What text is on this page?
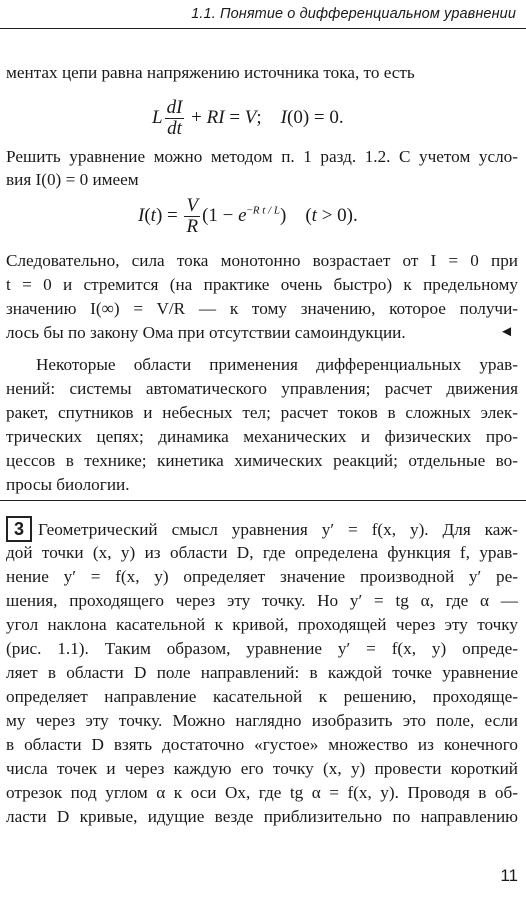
1.1. Понятие о дифференциальном уравнении
ментах цепи равна напряжению источника тока, то есть
L $\frac{dI}{dt}$ + RI = V;    I(0) = 0.
Решить уравнение можно методом п. 1 разд. 1.2. С учетом усло-
вия I(0) = 0 имеем
$I(t) = \frac{V}{R} (1 - e^{-R t / L})$    (t > 0).
Следовательно, сила тока монотонно возрастает от I = 0 при
t = 0 и стремится (на практике очень быстро) к предельному
значению I(∞) = V/R — к тому значению, которое получи-
лось бы по закону Ома при отсутствии самоиндукции.	◄
Некоторые области применения дифференциальных урав-
нений: системы автоматического управления; расчет движения
ракет, спутников и небесных тел; расчет токов в сложных элек-
трических цепях; динамика механических и физических про-
цессов в технике; кинетика химических реакций; отдельные во-
просы биологии.
3 Геометрический смысл уравнения y′ = f(x, y). Для каж-
дой точки (x, y) из области D, где определена функция f, урав-
нение y′ = f(x, y) определяет значение производной y′ ре-
шения, проходящего через эту точку. Но y′ = tg α, где α —
угол наклона касательной к кривой, проходящей через эту точку
(рис. 1.1). Таким образом, уравнение y′ = f(x, y) опреде-
ляет в области D поле направлений: в каждой точке уравнение
определяет направление касательной к решению, проходяще-
му через эту точку. Можно наглядно изобразить это поле, если
в области D взять достаточно «густое» множество из конечного
числа точек и через каждую его точку (x, y) провести короткий
отрезок под углом α к оси Ox, где tg α = f(x, y). Проводя в об-
ласти D кривые, идущие везде приблизительно по направлению
11
